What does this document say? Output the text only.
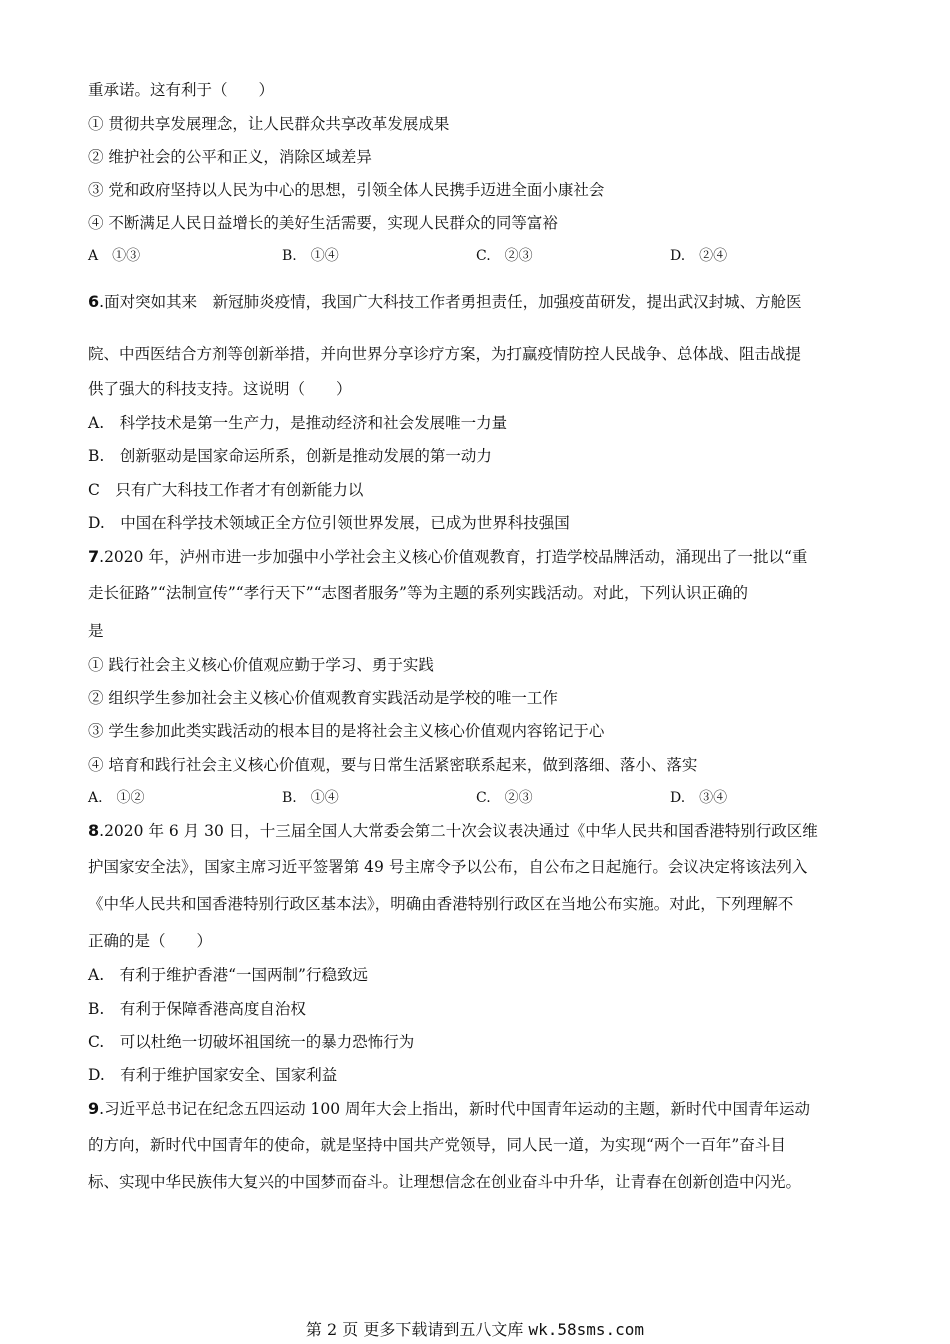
重承诺。这有利于（　　）
① 贯彻共享发展理念，让人民群众共享改革发展成果
② 维护社会的公平和正义，消除区域差异
③ 党和政府坚持以人民为中心的思想，引领全体人民携手迈进全面小康社会
④ 不断满足人民日益增长的美好生活需要，实现人民群众的同等富裕
A　①③	B.　①④	C.　②③	D.　②④
6.面对突如其来　新冠肺炎疫情，我国广大科技工作者勇担责任，加强疫苗研发，提出武汉封城、方舱医
院、中西医结合方剂等创新举措，并向世界分享诊疗方案，为打赢疫情防控人民战争、总体战、阻击战提
供了强大的科技支持。这说明（　　）
A.　科学技术是第一生产力，是推动经济和社会发展唯一力量
B.　创新驱动是国家命运所系，创新是推动发展的第一动力
C　只有广大科技工作者才有创新能力以
D.　中国在科学技术领域正全方位引领世界发展，已成为世界科技强国
7.2020 年，泸州市进一步加强中小学社会主义核心价值观教育，打造学校品牌活动，涌现出了一批以“重
走长征路”“法制宣传”“孝行天下”“志图者服务”等为主题的系列实践活动。对此，下列认识正确的
是
① 践行社会主义核心价值观应勤于学习、勇于实践
② 组织学生参加社会主义核心价值观教育实践活动是学校的唯一工作
③ 学生参加此类实践活动的根本目的是将社会主义核心价值观内容铭记于心
④ 培育和践行社会主义核心价值观，要与日常生活紧密联系起来，做到落细、落小、落实
A.　①②	B.　①④	C.　②③	D.　③④
8.2020 年 6 月 30 日，十三届全国人大常委会第二十次会议表决通过《中华人民共和国香港特别行政区维
护国家安全法》，国家主席习近平签署第 49 号主席令予以公布，自公布之日起施行。会议决定将该法列入
《中华人民共和国香港特别行政区基本法》，明确由香港特别行政区在当地公布实施。对此，下列理解不
正确的是（　　）
A.　有利于维护香港“一国两制”行稳致远
B.　有利于保障香港高度自治权
C.　可以杜绝一切破坏祖国统一的暴力恐怖行为
D.　有利于维护国家安全、国家利益
9.习近平总书记在纪念五四运动 100 周年大会上指出，新时代中国青年运动的主题，新时代中国青年运动
的方向，新时代中国青年的使命，就是坚持中国共产党领导，同人民一道，为实现“两个一百年”奋斗目
标、实现中华民族伟大复兴的中国梦而奋斗。让理想信念在创业奋斗中升华，让青春在创新创造中闪光。
第 2 页 更多下载请到五八文库 wk.58sms.com
